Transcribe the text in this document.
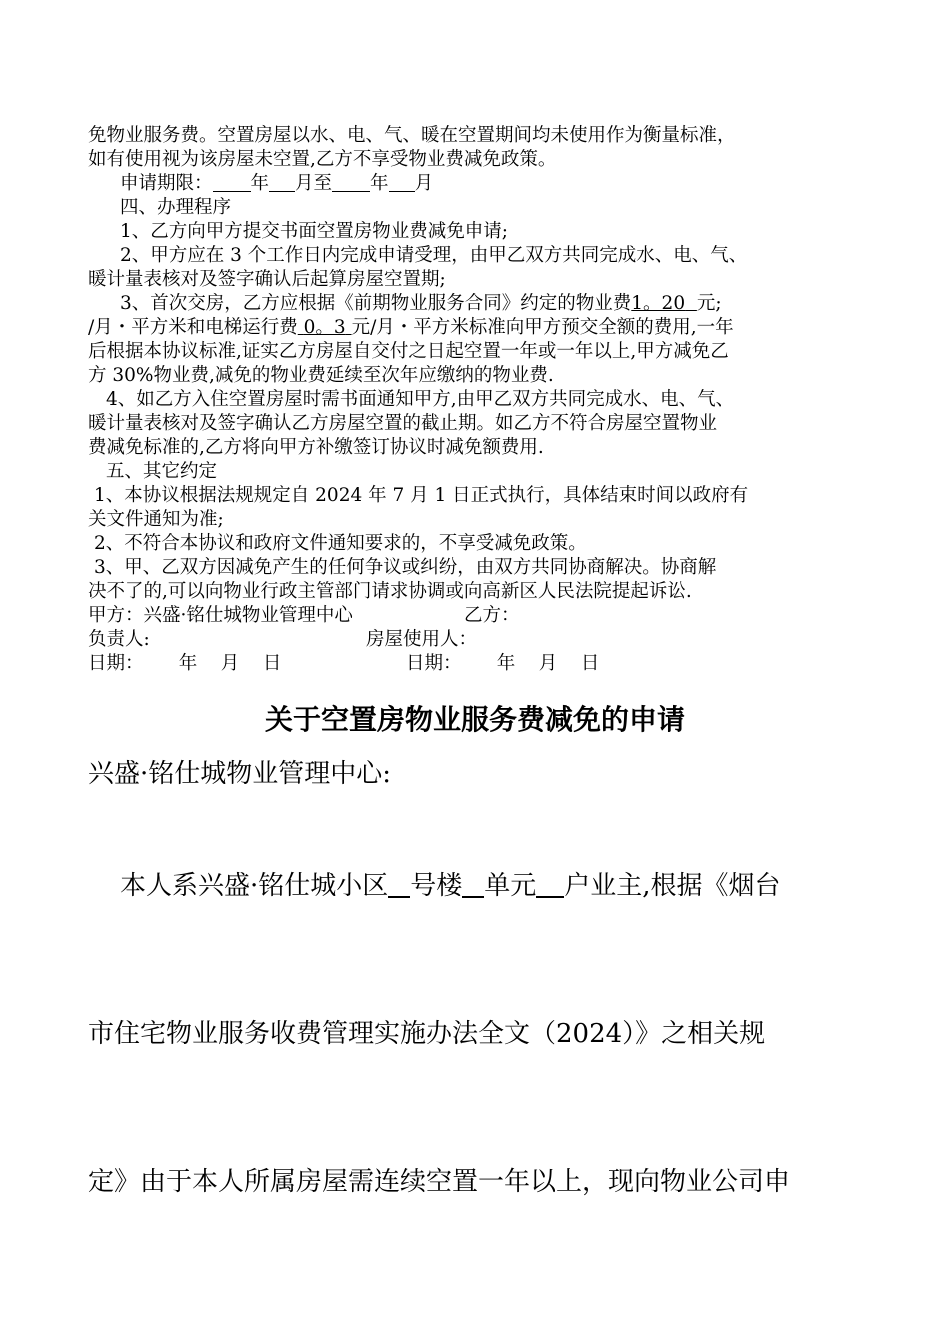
免物业服务费。空置房屋以水、电、气、暖在空置期间均未使用作为衡量标准，

如有使用视为该房屋未空置,乙方不享受物业费减免政策。

申请期限： 年 月至 年 月

四、办理程序

1、乙方向甲方提交书面空置房物业费减免申请;

2、甲方应在 3 个工作日内完成申请受理，由甲乙双方共同完成水、电、气、

暖计量表核对及签字确认后起算房屋空置期;

3、首次交房，乙方应根据《前期物业服务合同》约定的物业费1。20 元;

/月・平方米和电梯运行费 0。3 元/月・平方米标准向甲方预交全额的费用,一年

后根据本协议标准,证实乙方房屋自交付之日起空置一年或一年以上,甲方减免乙

方 30%物业费,减免的物业费延续至次年应缴纳的物业费.

4、如乙方入住空置房屋时需书面通知甲方,由甲乙双方共同完成水、电、气、

暖计量表核对及签字确认乙方房屋空置的截止期。如乙方不符合房屋空置物业

费减免标准的,乙方将向甲方补缴签订协议时减免额费用.

五、其它约定

1、本协议根据法规规定自 2024 年 7 月 1 日正式执行，具体结束时间以政府有

关文件通知为准;

2、不符合本协议和政府文件通知要求的，不享受减免政策。

3、甲、乙双方因减免产生的任何争议或纠纷，由双方共同协商解决。协商解

决不了的,可以向物业行政主管部门请求协调或向高新区人民法院提起诉讼.

甲方：兴盛·铭仕城物业管理中心	乙方：
负责人:	房屋使用人：
日期：      年    月    日	日期：      年    月    日
关于空置房物业服务费减免的申请

兴盛·铭仕城物业管理中心:

本人系兴盛·铭仕城小区 号楼 单元 户业主,根据《烟台

市住宅物业服务收费管理实施办法全文（2024）》之相关规

定》由于本人所属房屋需连续空置一年以上，现向物业公司申
